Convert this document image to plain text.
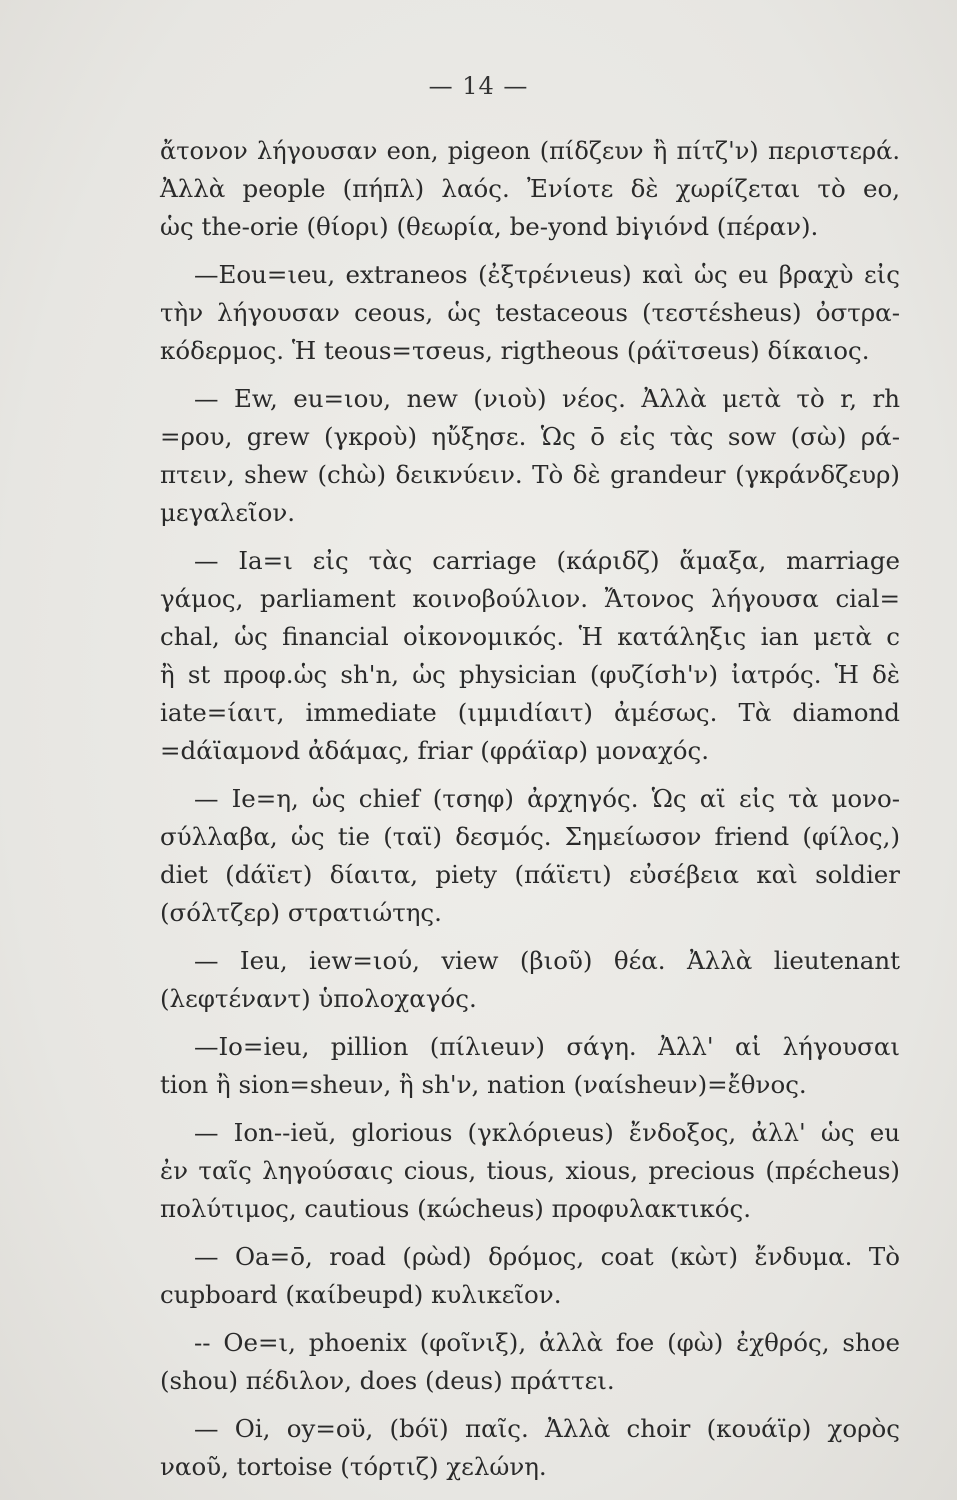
— 14 —
ἄτονον λήγουσαν eon, pigeon (πίδζευν ἢ πίτζ'ν) περιστερά.
Ἀλλὰ people (πήπλ) λαός. Ἐνίοτε δὲ χωρίζεται τὸ eo,
ὡς the-orie (θίορι) (θεωρία, be-yond biγιόνd (πέραν).
—Eou=ιeu, extraneos (ἐξτρένιeus) καὶ ὡς eu βραχὺ εἰς
τὴν λήγουσαν ceous, ὡς testaceous (τεστέsheus) ὀστρα-
κόδερμος. Ἡ teous=τσeus, rigtheous (ράϊτσeus) δίκαιος.
— Ew, eu=ιου, new (νιοὺ) νέος. Ἀλλὰ μετὰ τὸ r, rh
=ρου, grew (γκροὺ) ηὔξησε. Ὡς ō εἰς τὰς sow (σὼ) ρά-
πτειν, shew (chὼ) δεικνύειν. Τὸ δὲ grandeur (γκράνδζευρ)
μεγαλεῖον.
— Ia=ι εἰς τὰς carriage (κάριδζ) ἅμαξα, marriage
γάμος, parliament κοινοβούλιον. Ἄτονος λήγουσα cial=
chal, ὡς financial οἰκονομικός. Ἡ κατάληξις ian μετὰ c
ἢ st προφ.ὡς sh'n, ὡς physician (φυζίσh'ν) ἰατρός. Ἡ δὲ
iate=ίαιτ, immediate (ιμμιdίαιτ) ἀμέσως. Τὰ diamond
=dάϊαμονd ἀδάμας, friar (φράϊαρ) μοναχός.
— Ie=η, ὡς chief (τσηφ) ἀρχηγός. Ὡς αϊ εἰς τὰ μονο-
σύλλαβα, ὡς tie (ταϊ) δεσμός. Σημείωσον friend (φίλος,)
diet (dάϊετ) δίαιτα, piety (πάϊετι) εὐσέβεια καὶ soldier
(σόλτζερ) στρατιώτης.
— Ieu, iew=ιού, view (βιοῦ) θέα. Ἀλλὰ lieutenant
(λεφτέναντ) ὑπολοχαγός.
—Io=ieu, pillion (πίλιeuν) σάγη. Ἀλλ' αἱ λήγουσαι
tion ἢ sion=sheuν, ἢ sh'ν, nation (ναίsheuν)=ἔθνος.
— Ion--ieŭ, glorious (γκλόριeus) ἔνδοξος, ἀλλ' ὡς eu
ἐν ταῖς ληγούσαις cious, tious, xious, precious (πρέcheus)
πολύτιμος, cautious (κώcheus) προφυλακτικός.
— Oa=ō, road (ρὼd) δρόμος, coat (κὼτ) ἔνδυμα. Τὸ
cupboard (καίbeupd) κυλικεῖον.
-- Oe=ι, phoenix (φοῖνιξ), ἀλλὰ foe (φὼ) ἐχθρός, shoe
(shou) πέδιλον, does (deus) πράττει.
— Oi, oy=οϋ, (bόϊ) παῖς. Ἀλλὰ choir (κουάϊρ) χορὸς
ναοῦ, tortoise (τόρτιζ) χελώνη.
